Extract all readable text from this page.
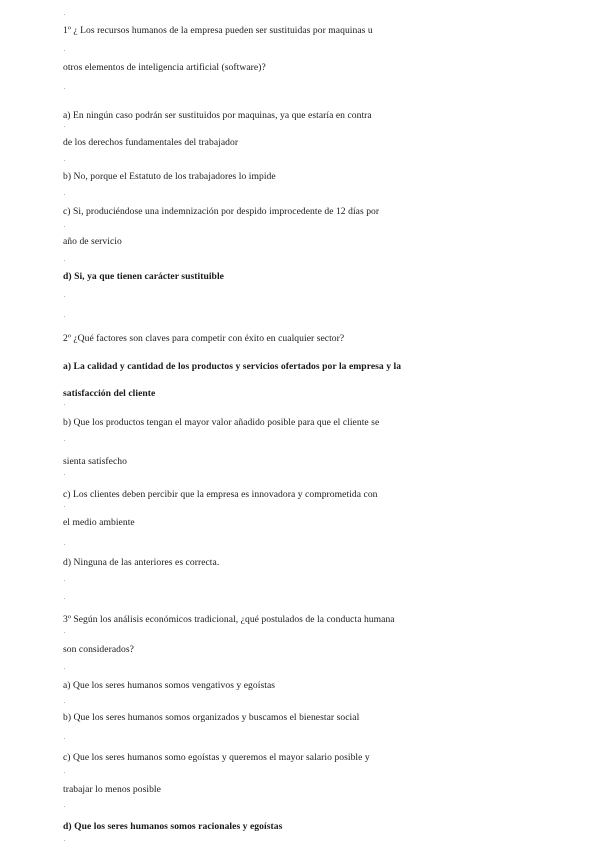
1º ¿ Los recursos humanos de la empresa pueden ser sustituidas por maquinas u
otros elementos de inteligencia artificial (software)?
a) En ningún caso podrán ser sustituidos por maquinas, ya que estaría en contra
de los derechos fundamentales del trabajador
b) No, porque el Estatuto de los trabajadores lo impide
c) Si, produciéndose una indemnización por despido improcedente de 12 días por
año de servicio
d) Si, ya que tienen carácter sustituible
2º ¿Qué factores son claves para competir con éxito en cualquier sector?
a) La calidad y cantidad de los productos y servicios ofertados por la empresa y la
satisfacción del cliente
b) Que los productos tengan el mayor valor añadido posible para que el cliente se
sienta satisfecho
c) Los clientes deben percibir que la empresa es innovadora y comprometida con
el medio ambiente
d) Ninguna de las anteriores es correcta.
3º Según los análisis económicos tradicional, ¿qué postulados de la conducta humana
son considerados?
a) Que los seres humanos somos vengativos y egoístas
b) Que los seres humanos somos organizados y buscamos el bienestar social
c) Que los seres humanos somo egoístas y queremos el mayor salario posible y
trabajar lo menos posible
d) Que los seres humanos somos racionales y egoístas
